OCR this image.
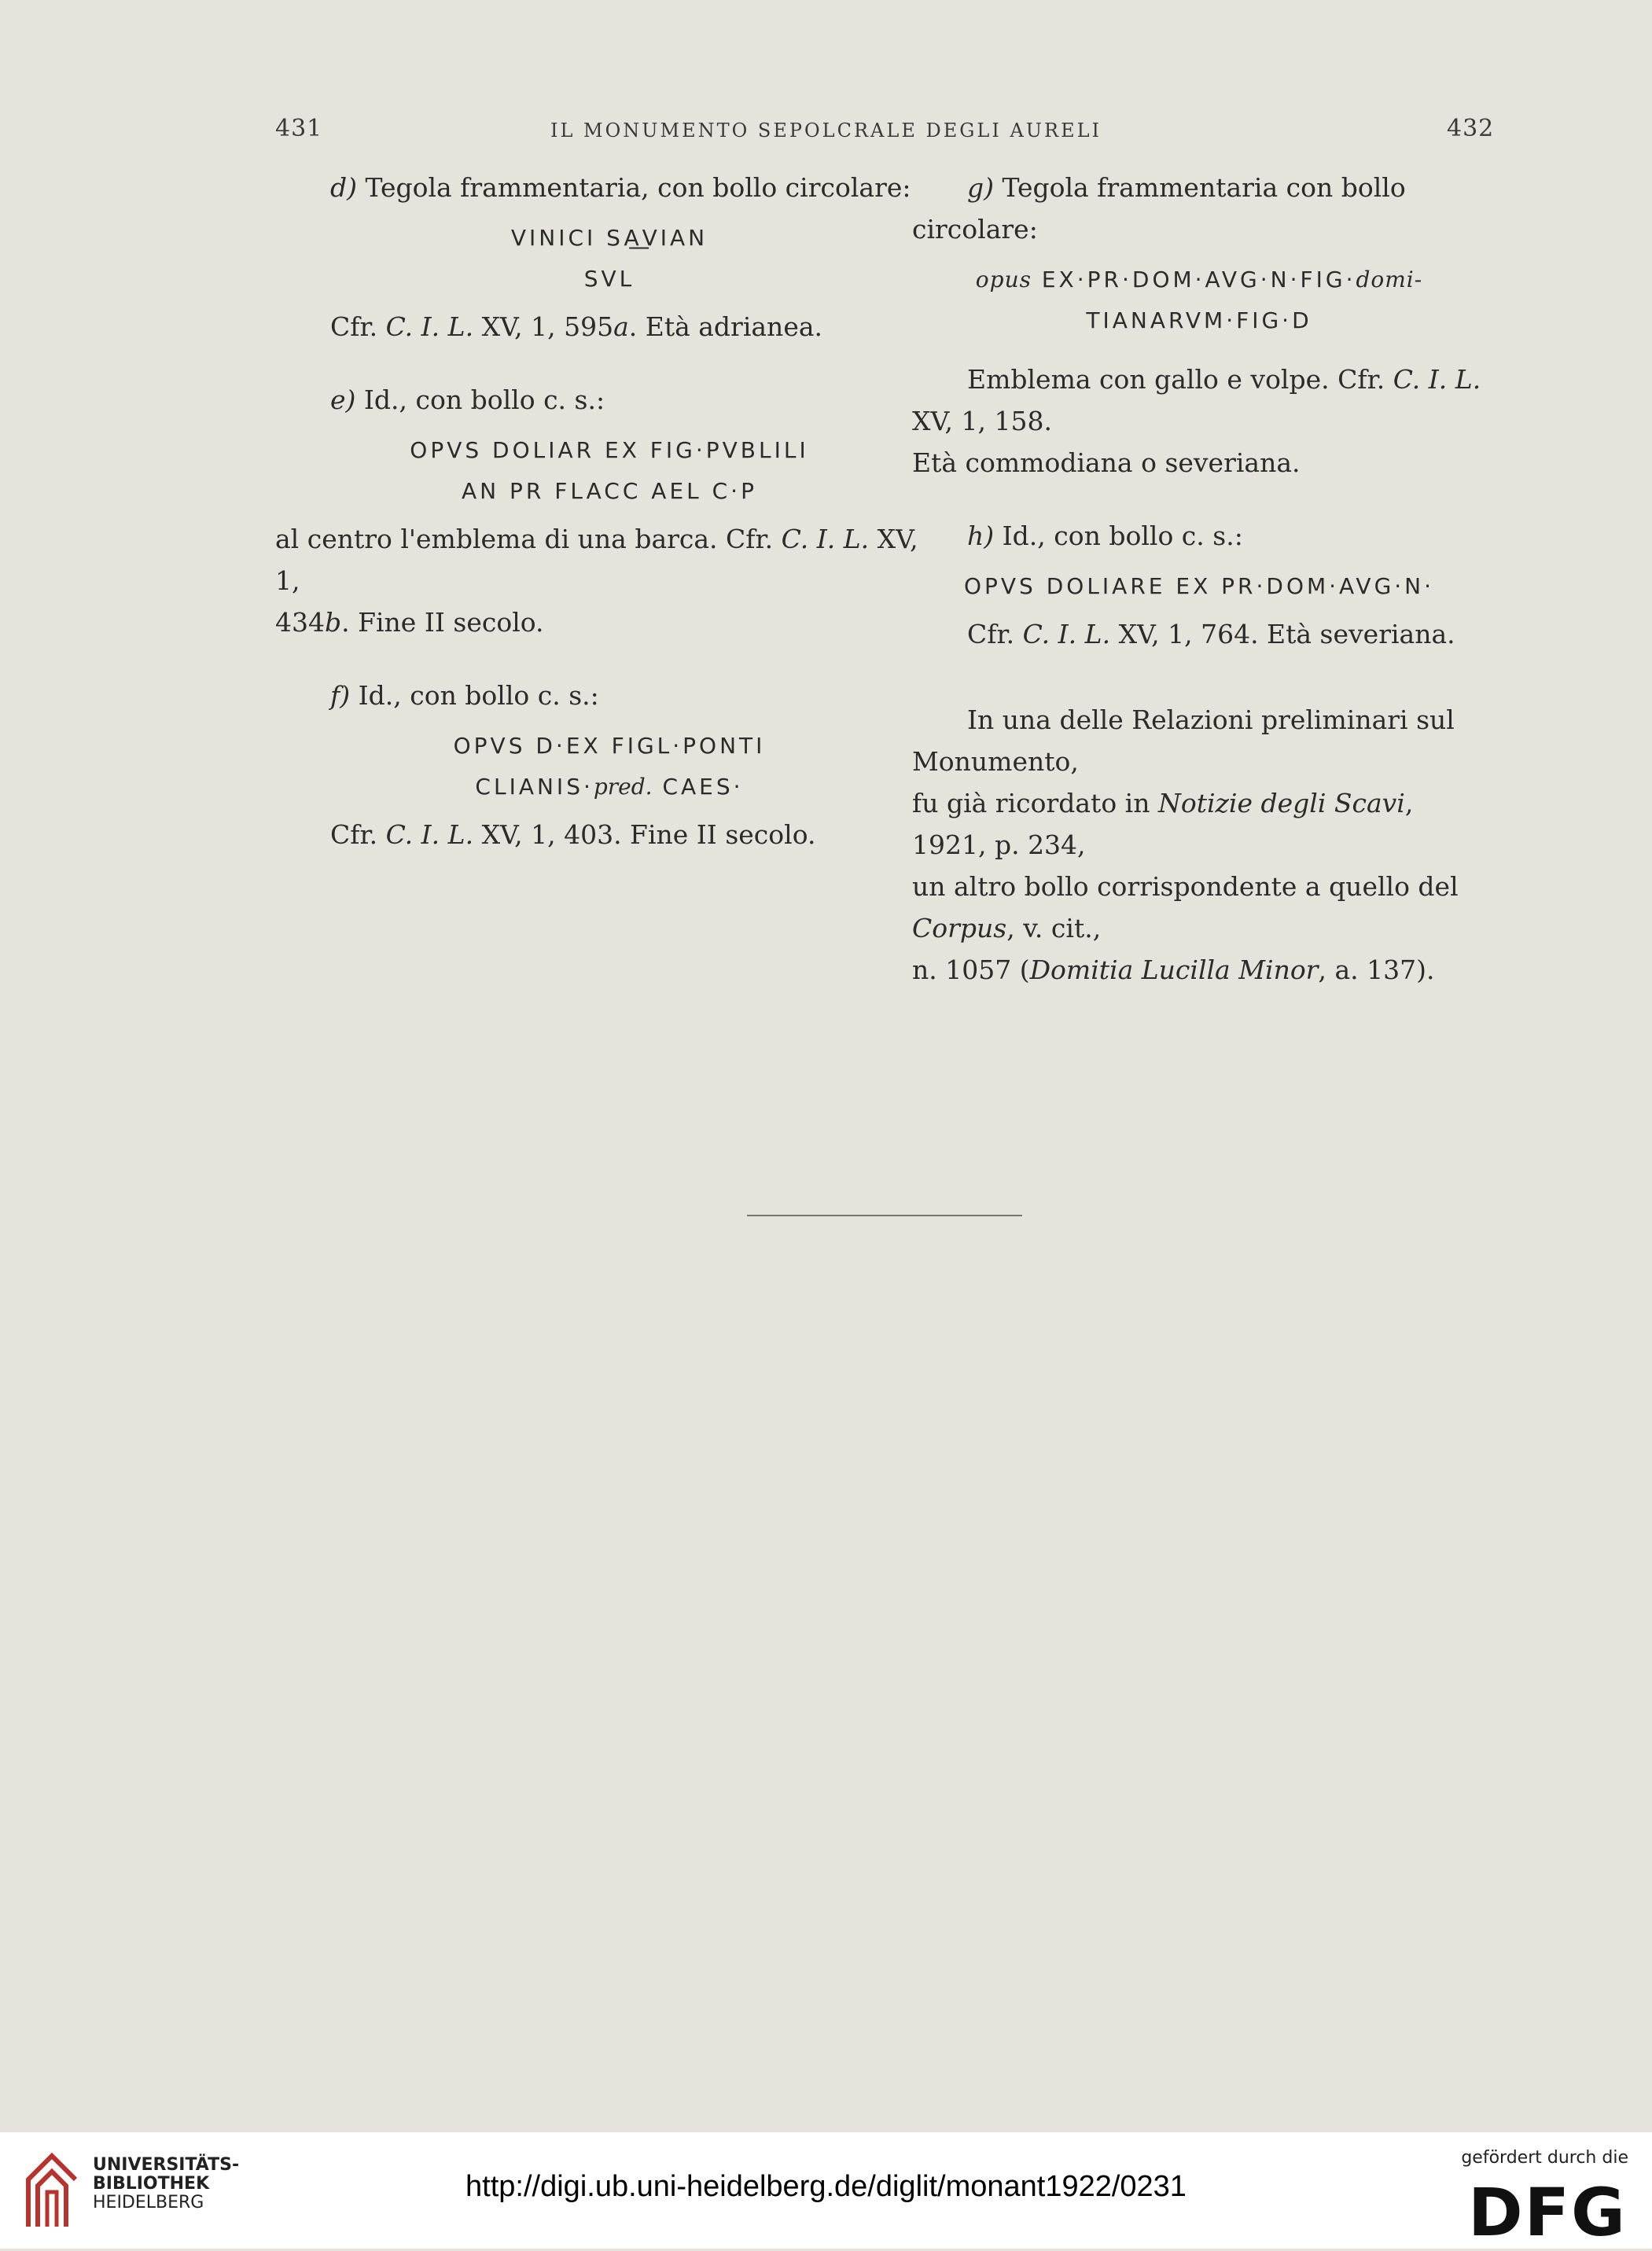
431	IL MONUMENTO SEPOLCRALE DEGLI AURELI	432

d) Tegola frammentaria, con bollo circolare:

VINICI SA͟VIAN
SVL

Cfr. C. I. L. XV, 1, 595a. Età adrianea.

e) Id., con bollo c. s.:

OPVS DOLIAR EX FIG·PVBLILI
AN PR FLACC AEL C·P

al centro l'emblema di una barca. Cfr. C. I. L. XV, 1,

434b. Fine II secolo.

f) Id., con bollo c. s.:

OPVS D·EX FIGL·PONTI
CLIANIS·pred. CAES·

Cfr. C. I. L. XV, 1, 403. Fine II secolo.

g) Tegola frammentaria con bollo circolare:

opus EX·PR·DOM·AVG·N·FIG·domi-
TIANARVM·FIG·D

Emblema con gallo e volpe. Cfr. C. I. L. XV, 1, 158.

Età commodiana o severiana.

h) Id., con bollo c. s.:

OPVS DOLIARE EX PR·DOM·AVG·N·

Cfr. C. I. L. XV, 1, 764. Età severiana.

In una delle Relazioni preliminari sul Monumento,

fu già ricordato in Notizie degli Scavi, 1921, p. 234,

un altro bollo corrispondente a quello del Corpus, v. cit.,

n. 1057 (Domitia Lucilla Minor, a. 137).

UNIVERSITÄTS-
BIBLIOTHEK
HEIDELBERG	http://digi.ub.uni-heidelberg.de/diglit/monant1922/0231
gefördert durch die
DFG
